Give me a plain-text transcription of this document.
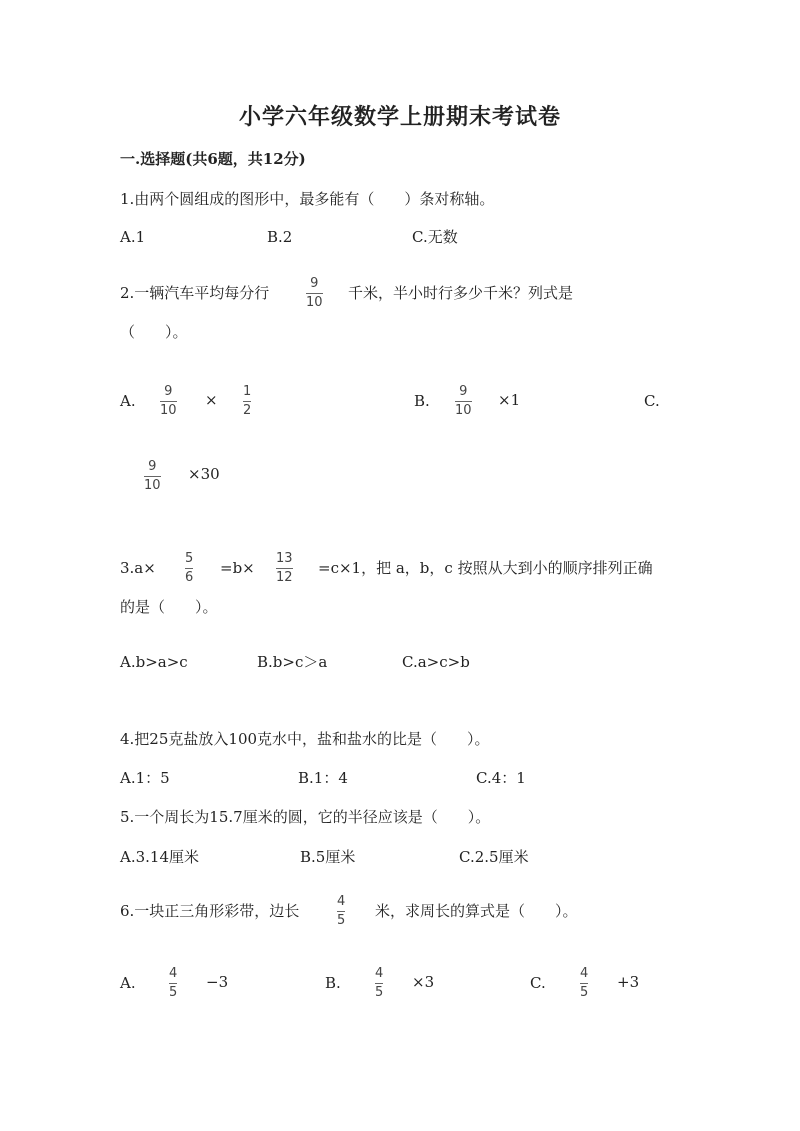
小学六年级数学上册期末考试卷
一.选择题(共6题，共12分)
1.由两个圆组成的图形中，最多能有（　　）条对称轴。
A.1	B.2	C.无数
2.一辆汽车平均每分行
9
10
千米，半小时行多少千米？列式是
（　　）。
A.
9
10
× 1
2
B.
9
10
×1	C.
9
10
×30
3.a×
5
6
=b×
13
12
=c×1，把 a，b，c 按照从大到小的顺序排列正确
的是（　　）。
A.b>a>c	B.b>c＞a	C.a>c>b
4.把25克盐放入100克水中，盐和盐水的比是（　　）。
A.1：5	B.1：4	C.4：1
5.一个周长为15.7厘米的圆，它的半径应该是（　　）。
A.3.14厘米	B.5厘米	C.2.5厘米
6.一块正三角形彩带，边长
4
5
米，求周长的算式是（　　）。
A.
4
5
−3	B.
4
5
×3	C.
4
5
+3
